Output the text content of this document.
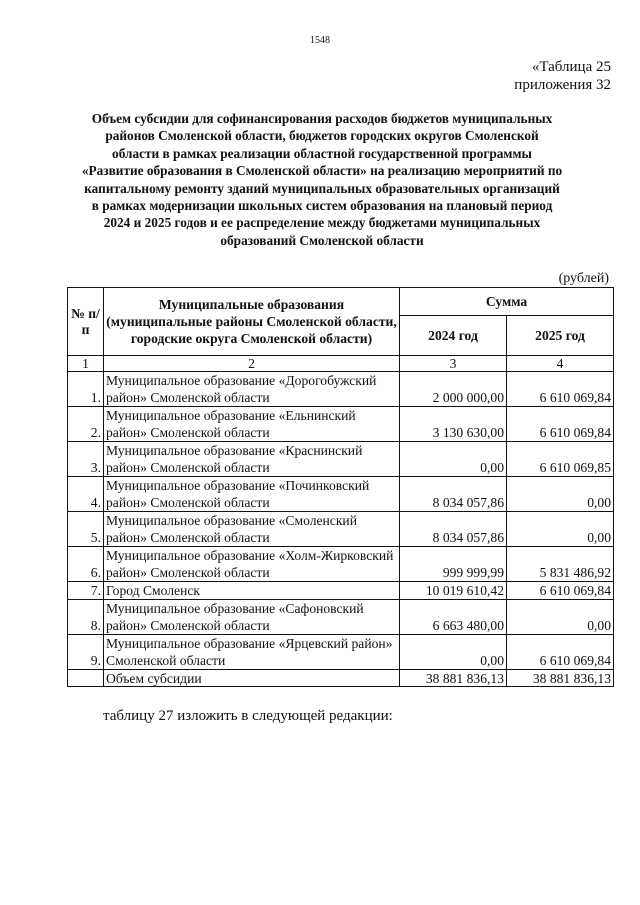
1548
«Таблица 25
приложения 32
Объем субсидии для софинансирования расходов бюджетов муниципальных
районов Смоленской области, бюджетов городских округов Смоленской
области в рамках реализации областной государственной программы
«Развитие образования в Смоленской области» на реализацию мероприятий по
капитальному ремонту зданий муниципальных образовательных организаций
в рамках модернизации школьных систем образования на плановый период
2024 и 2025 годов и ее распределение между бюджетами муниципальных
образований Смоленской области
(рублей)
№ п/п	Муниципальные образования (муниципальные районы Смоленской области, городские округа Смоленской области)	Сумма	
		2024 год	2025 год
1	2	3	4
1.	Муниципальное образование «Дорогобужский район» Смоленской области	2 000 000,00	6 610 069,84
2.	Муниципальное образование «Ельнинский район» Смоленской области	3 130 630,00	6 610 069,84
3.	Муниципальное образование «Краснинский район» Смоленской области	0,00	6 610 069,85
4.	Муниципальное образование «Починковский район» Смоленской области	8 034 057,86	0,00
5.	Муниципальное образование «Смоленский район» Смоленской области	8 034 057,86	0,00
6.	Муниципальное образование «Холм-Жирковский район» Смоленской области	999 999,99	5 831 486,92
7.	Город Смоленск	10 019 610,42	6 610 069,84
8.	Муниципальное образование «Сафоновский район» Смоленской области	6 663 480,00	0,00
9.	Муниципальное образование «Ярцевский район» Смоленской области	0,00	6 610 069,84
	Объем субсидии	38 881 836,13	38 881 836,13
таблицу 27 изложить в следующей редакции:
